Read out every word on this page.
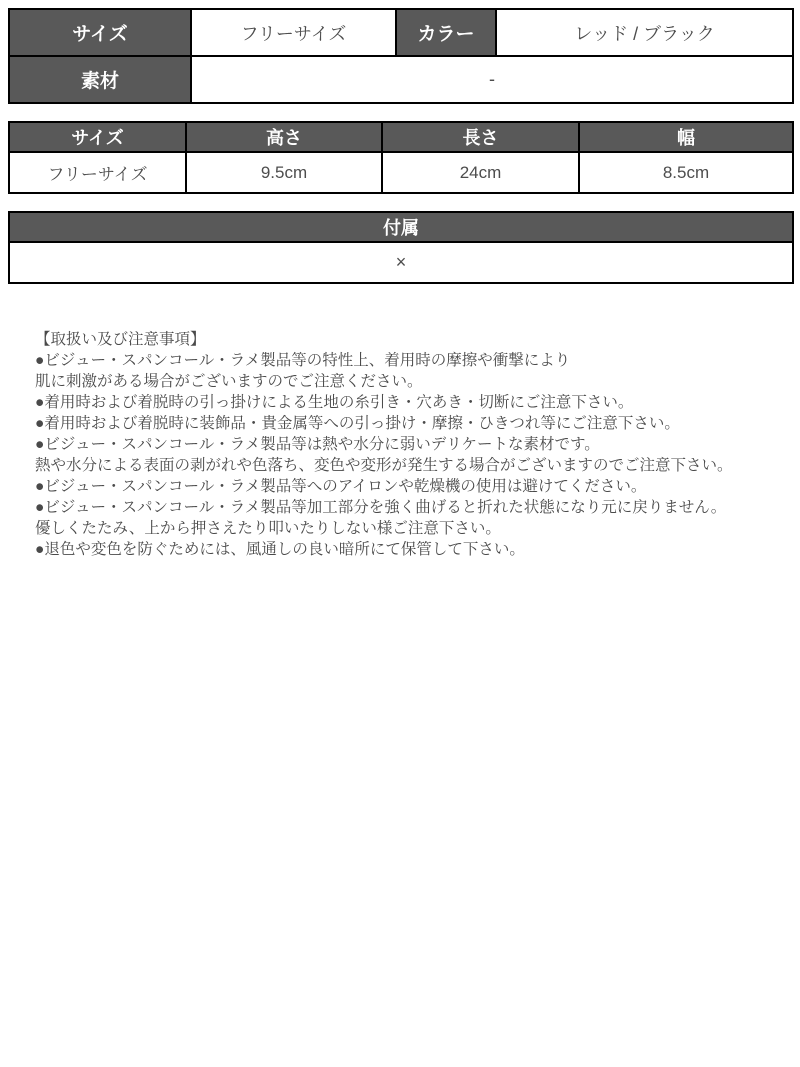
サイズ	フリーサイズ	カラー	レッド / ブラック
素材	-		
サイズ	高さ	長さ	幅
フリーサイズ	9.5cm	24cm	8.5cm
付属
×
【取扱い及び注意事項】
●ビジュー・スパンコール・ラメ製品等の特性上、着用時の摩擦や衝撃により
肌に刺激がある場合がございますのでご注意ください。
●着用時および着脱時の引っ掛けによる生地の糸引き・穴あき・切断にご注意下さい。
●着用時および着脱時に装飾品・貴金属等への引っ掛け・摩擦・ひきつれ等にご注意下さい。
●ビジュー・スパンコール・ラメ製品等は熱や水分に弱いデリケートな素材です。
熱や水分による表面の剥がれや色落ち、変色や変形が発生する場合がございますのでご注意下さい。
●ビジュー・スパンコール・ラメ製品等へのアイロンや乾燥機の使用は避けてください。
●ビジュー・スパンコール・ラメ製品等加工部分を強く曲げると折れた状態になり元に戻りません。
優しくたたみ、上から押さえたり叩いたりしない様ご注意下さい。
●退色や変色を防ぐためには、風通しの良い暗所にて保管して下さい。
